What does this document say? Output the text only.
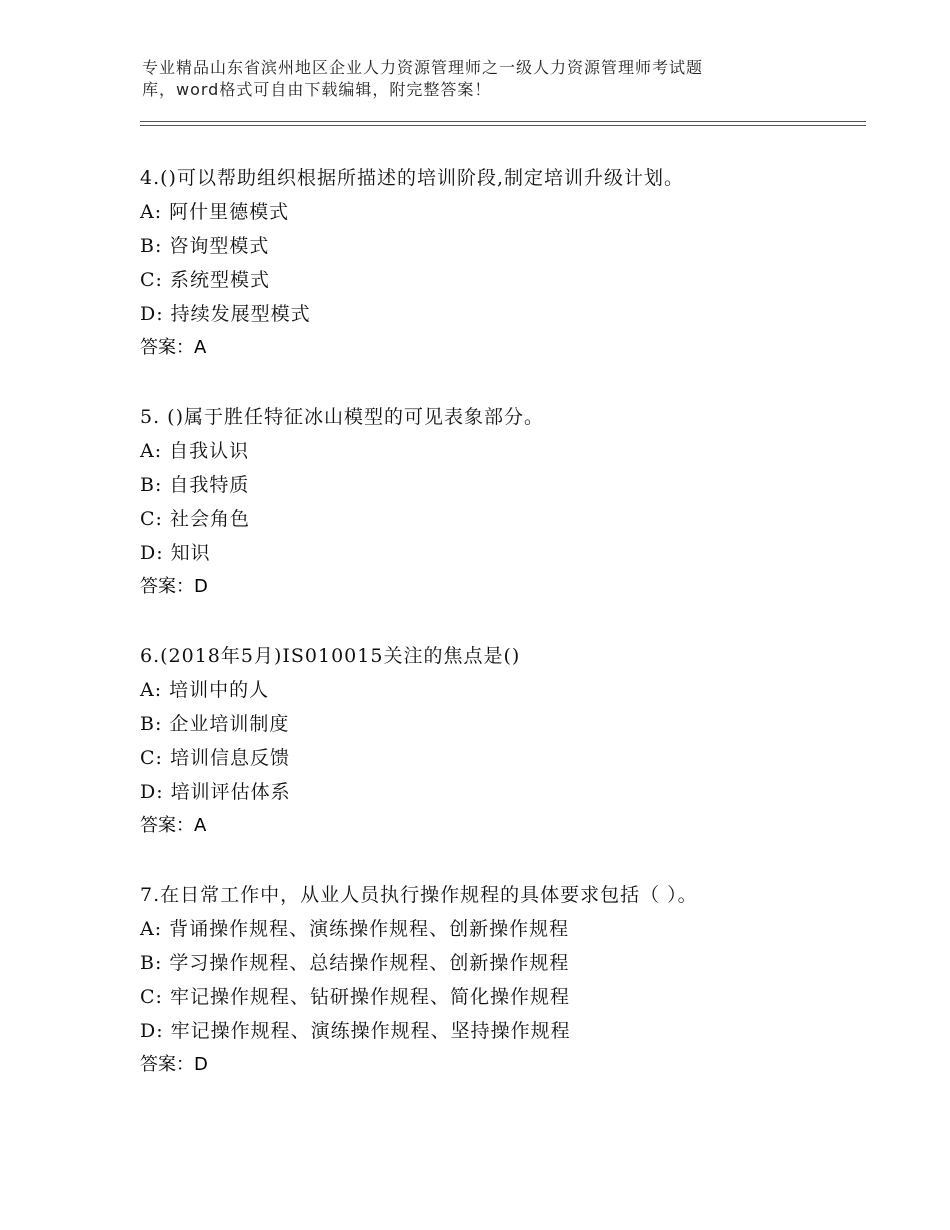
专业精品山东省滨州地区企业人力资源管理师之一级人力资源管理师考试题
库，word格式可自由下载编辑，附完整答案！
4.()可以帮助组织根据所描述的培训阶段,制定培训升级计划。
A: 阿什里德模式
B: 咨询型模式
C: 系统型模式
D: 持续发展型模式
答案：A
5. ()属于胜任特征冰山模型的可见表象部分。
A: 自我认识
B: 自我特质
C: 社会角色
D: 知识
答案：D
6.(2018年5月)IS010015关注的焦点是()
A: 培训中的人
B: 企业培训制度
C: 培训信息反馈
D: 培训评估体系
答案：A
7.在日常工作中，从业人员执行操作规程的具体要求包括（ ）。
A: 背诵操作规程、演练操作规程、创新操作规程
B: 学习操作规程、总结操作规程、创新操作规程
C: 牢记操作规程、钻研操作规程、简化操作规程
D: 牢记操作规程、演练操作规程、坚持操作规程
答案：D
